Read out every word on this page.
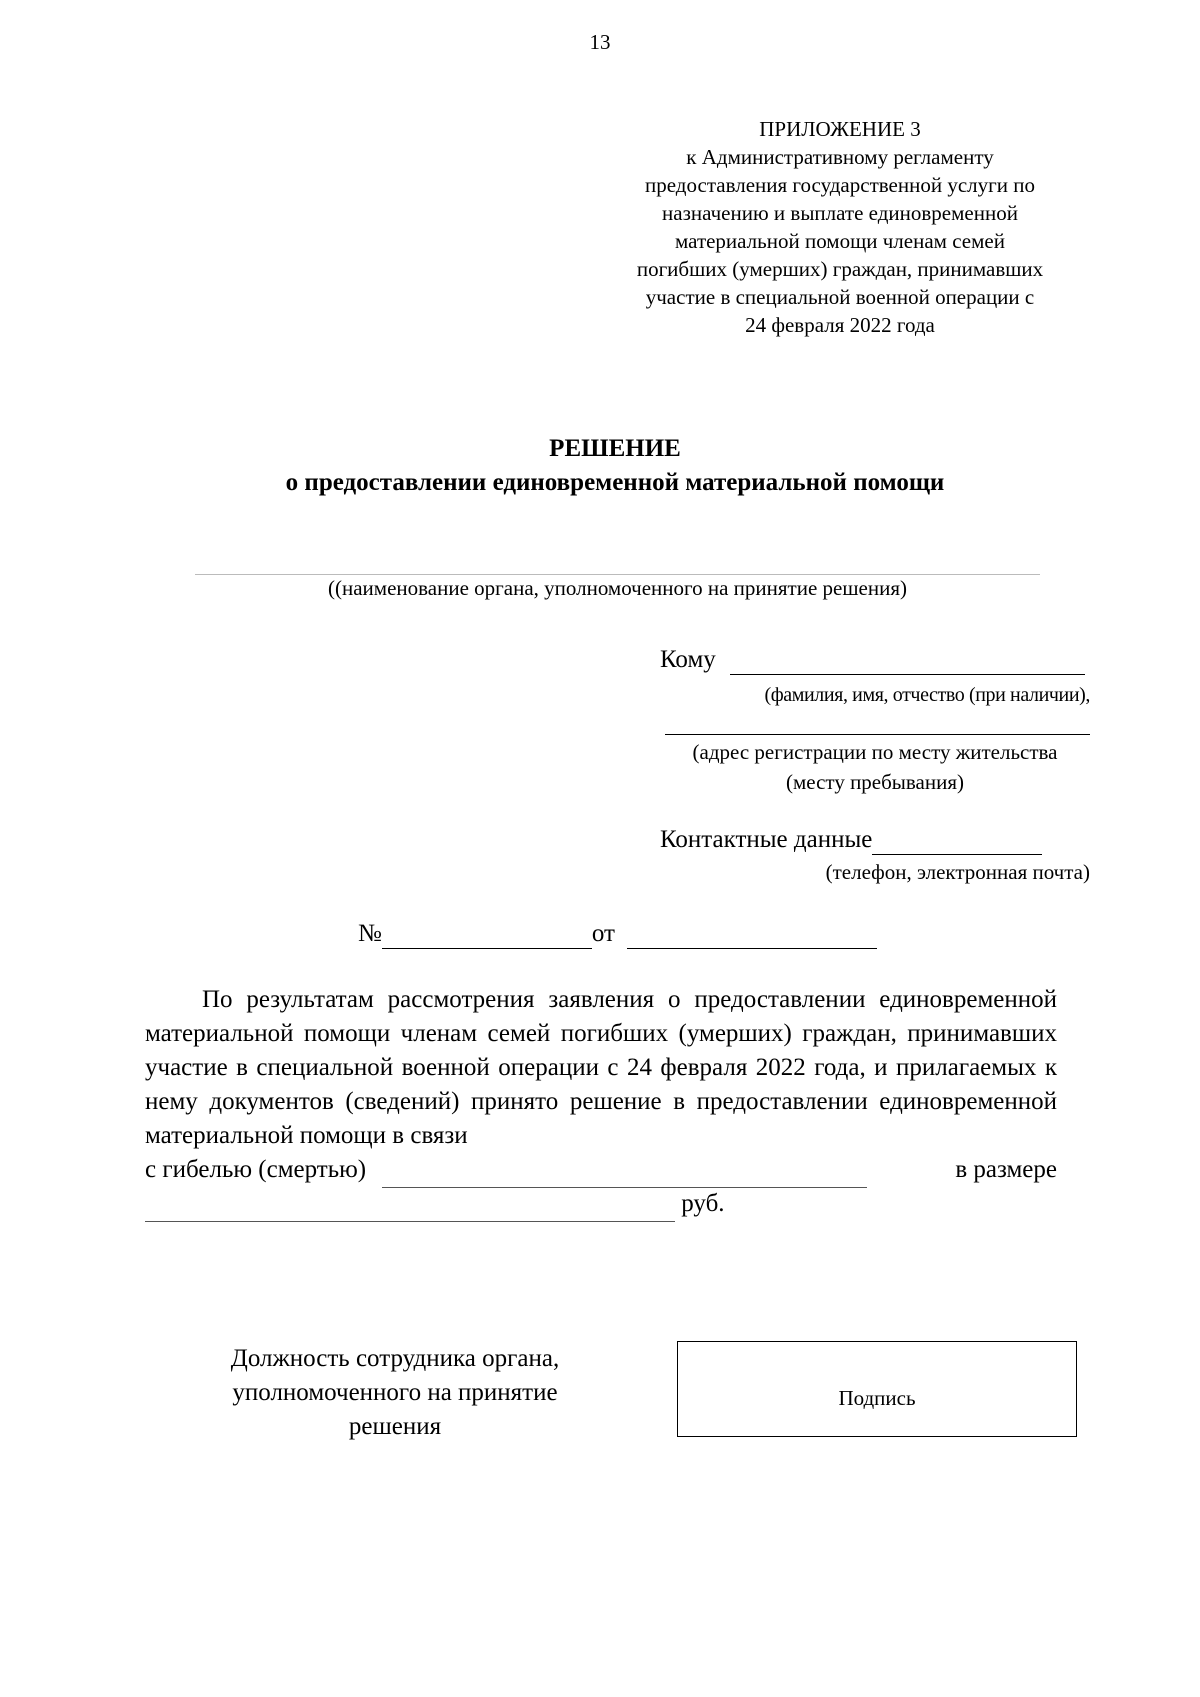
13
ПРИЛОЖЕНИЕ 3
к Административному регламенту
предоставления государственной услуги по
назначению и выплате единовременной
материальной помощи членам семей
погибших (умерших) граждан, принимавших
участие в специальной военной операции с
24 февраля 2022 года
РЕШЕНИЕ
о предоставлении единовременной материальной помощи
((наименование органа, уполномоченного на принятие решения)
Кому
(фамилия, имя, отчество (при наличии),
(адрес регистрации по месту жительства
(месту пребывания)
Контактные данные
(телефон, электронная почта)
№	от
По результатам рассмотрения заявления о предоставлении единовременной материальной помощи членам семей погибших (умерших) граждан, принимавших участие в специальной военной операции с 24 февраля 2022 года, и прилагаемых к нему документов (сведений) принято решение в предоставлении единовременной материальной помощи в связи
с гибелью (смертью)	в размере
руб.
Должность сотрудника органа, уполномоченного на принятие решения
Подпись
